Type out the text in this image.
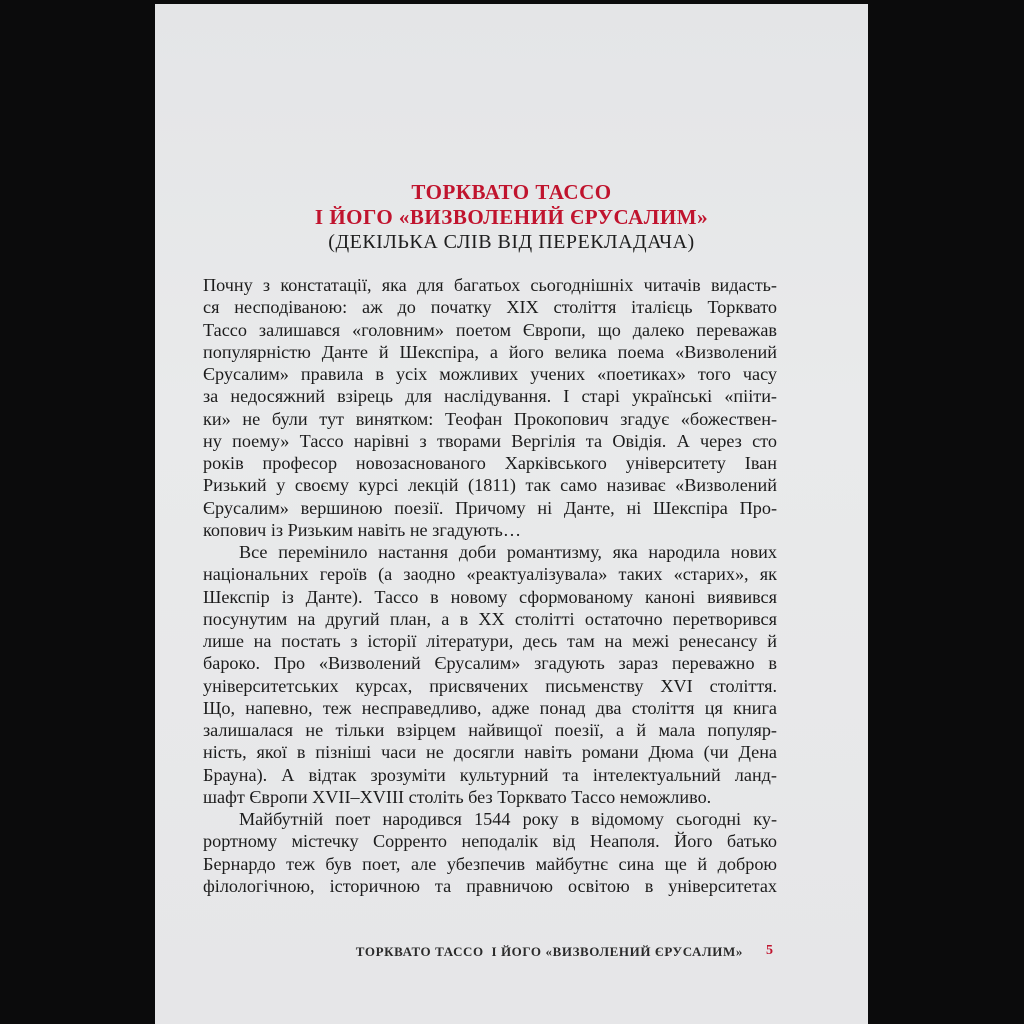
ТОРКВАТО ТАССО
І ЙОГО «ВИЗВОЛЕНИЙ ЄРУСАЛИМ»
(ДЕКІЛЬКА СЛІВ ВІД ПЕРЕКЛАДАЧА)
Почну з констатації, яка для багатьох сьогоднішніх читачів видасть-
ся несподіваною: аж до початку XIX століття італієць Торквато
Тассо залишався «головним» поетом Європи, що далеко переважав
популярністю Данте й Шекспіра, а його велика поема «Визволений
Єрусалим» правила в усіх можливих учених «поетиках» того часу
за недосяжний взірець для наслідування. І старі українські «пііти-
ки» не були тут винятком: Теофан Прокопович згадує «божествен-
ну поему» Тассо нарівні з творами Вергілія та Овідія. А через сто
років професор новозаснованого Харківського університету Іван
Ризький у своєму курсі лекцій (1811) так само називає «Визволений
Єрусалим» вершиною поезії. Причому ні Данте, ні Шекспіра Про-
копович із Ризьким навіть не згадують…
Все перемінило настання доби романтизму, яка народила нових
національних героїв (а заодно «реактуалізувала» таких «старих», як
Шекспір із Данте). Тассо в новому сформованому каноні виявився
посунутим на другий план, а в XX столітті остаточно перетворився
лише на постать з історії літератури, десь там на межі ренесансу й
бароко. Про «Визволений Єрусалим» згадують зараз переважно в
університетських курсах, присвячених письменству XVI століття.
Що, напевно, теж несправедливо, адже понад два століття ця книга
залишалася не тільки взірцем найвищої поезії, а й мала популяр-
ність, якої в пізніші часи не досягли навіть романи Дюма (чи Дена
Брауна). А відтак зрозуміти культурний та інтелектуальний ланд-
шафт Європи XVII–XVIII століть без Торквато Тассо неможливо.
Майбутній поет народився 1544 року в відомому сьогодні ку-
рортному містечку Сорренто неподалік від Неаполя. Його батько
Бернардо теж був поет, але убезпечив майбутнє сина ще й доброю
філологічною, історичною та правничою освітою в університетах
ТОРКВАТО ТАССО  І ЙОГО «ВИЗВОЛЕНИЙ ЄРУСАЛИМ» 5
